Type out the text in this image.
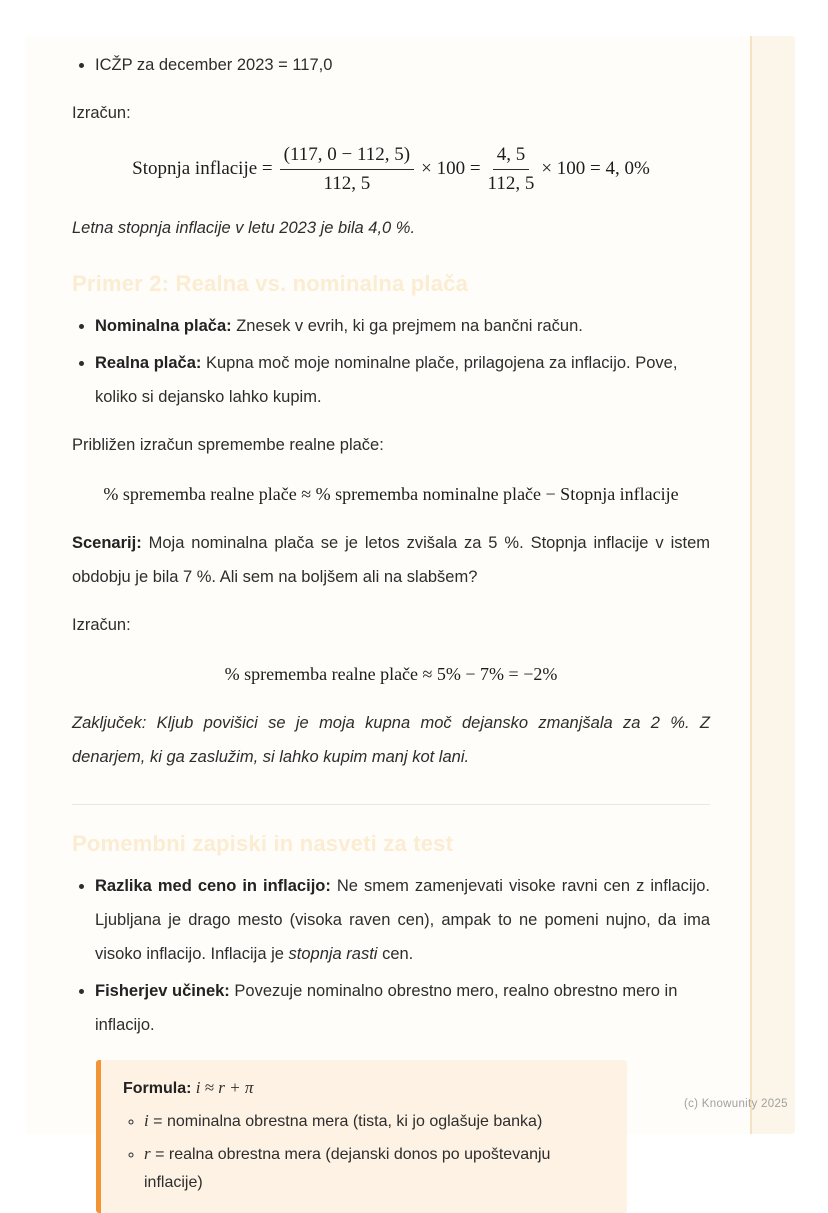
• ICŽP za december 2023 = 117,0

Izračun:

Stopnja inflacije = $\frac{(117, 0 - 112, 5)}{112, 5} \times 100 = \frac{4, 5}{112, 5} \times 100 = 4$, 0%

Letna stopnja inflacije v letu 2023 je bila 4,0 %.

Primer 2: Realna vs. nominalna plača
• Nominalna plača: Znesek v evrih, ki ga prejmem na bančni račun.
• Realna plača: Kupna moč moje nominalne plače, prilagojena za inflacijo. Pove, koliko si dejansko lahko kupim.

Približen izračun spremembe realne plače:

% sprememba realne plače ≈ % sprememba nominalne plače − Stopnja inflacije

Scenarij: Moja nominalna plača se je letos zvišala za 5 %. Stopnja inflacije v istem obdobju je bila 7 %. Ali sem na boljšem ali na slabšem?

Izračun:

% sprememba realne plače ≈ 5% − 7% = −2%

Zaključek: Kljub povišici se je moja kupna moč dejansko zmanjšala za 2 %. Z denarjem, ki ga zaslužim, si lahko kupim manj kot lani.

Pomembni zapiski in nasveti za test
• Razlika med ceno in inflacijo: Ne smem zamenjevati visoke ravni cen z inflacijo. Ljubljana je drago mesto (visoka raven cen), ampak to ne pomeni nujno, da ima visoko inflacijo. Inflacija je stopnja rasti cen.
• Fisherjev učinek: Povezuje nominalno obrestno mero, realno obrestno mero in inflacijo.

Formula: i ≈ r + π

◦ i = nominalna obrestna mera (tista, ki jo oglašuje banka)
◦ r = realna obrestna mera (dejanski donos po upoštevanju inflacije)
(c) Knowunity 2025
